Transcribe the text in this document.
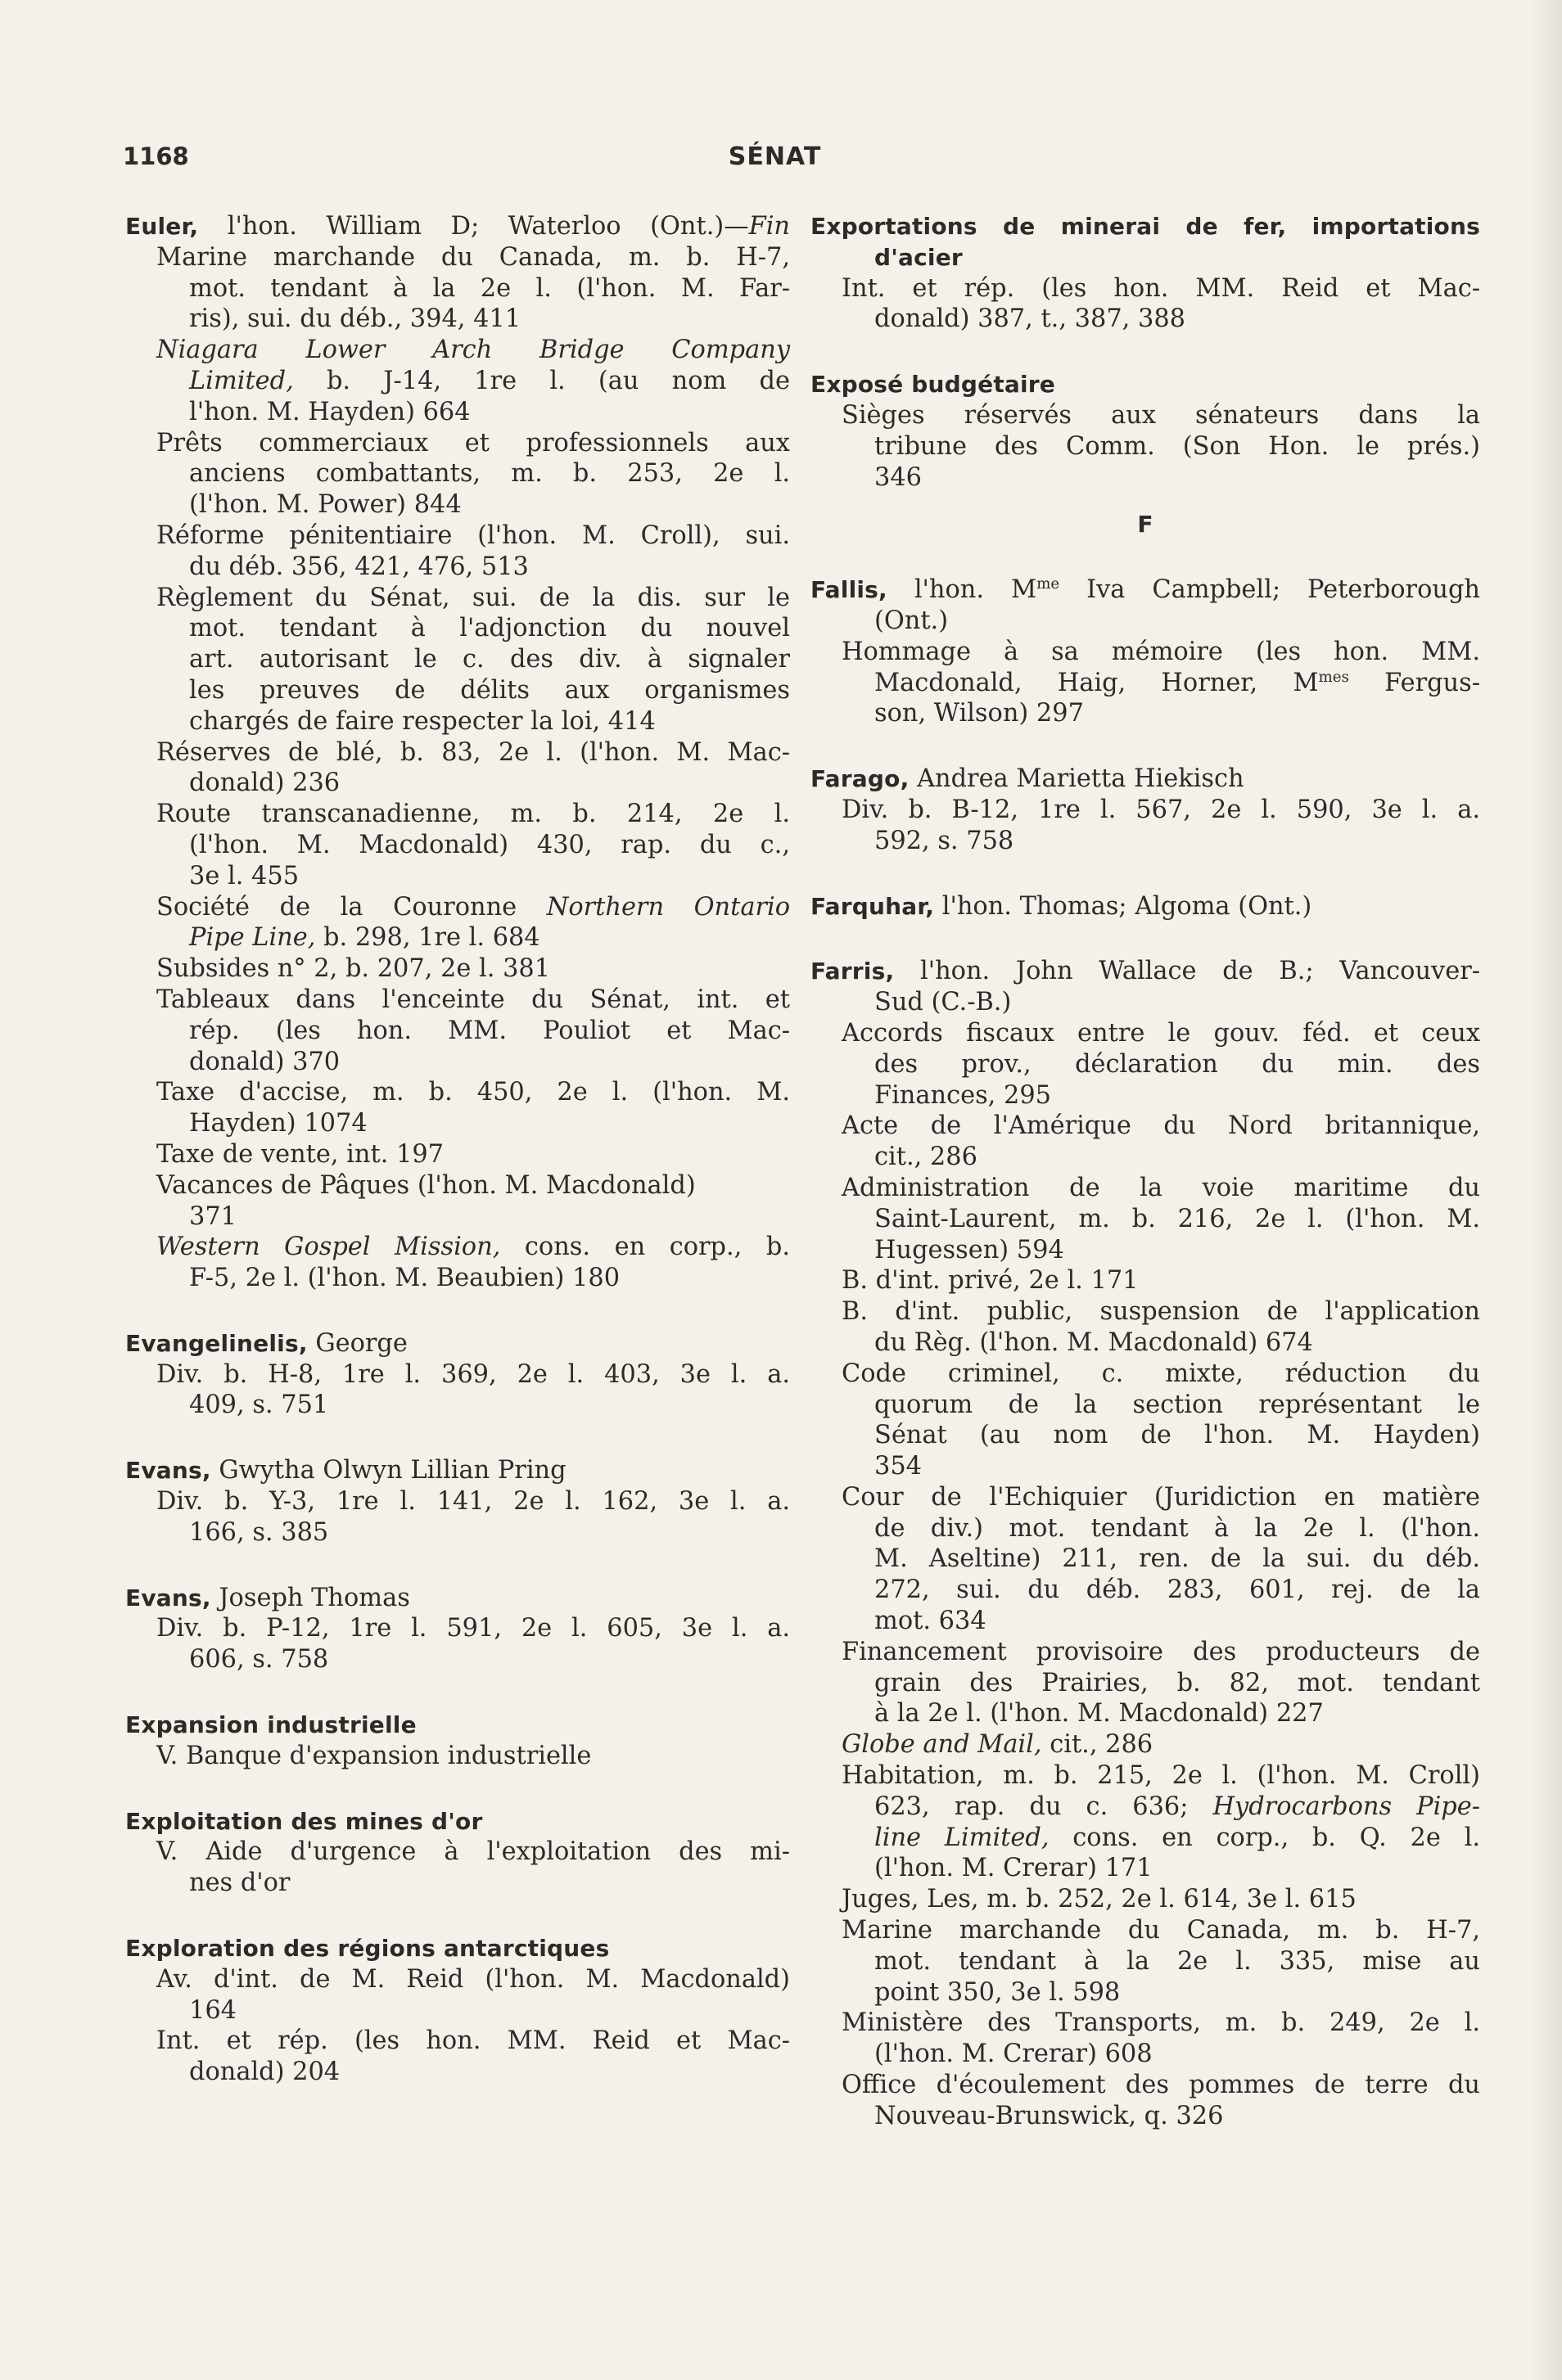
1168	SÉNAT
Euler, l'hon. William D; Waterloo (Ont.)—Fin
Marine marchande du Canada, m. b. H-7,
mot. tendant à la 2e l. (l'hon. M. Far-
ris), sui. du déb., 394, 411
Niagara Lower Arch Bridge Company
Limited, b. J-14, 1re l. (au nom de
l'hon. M. Hayden) 664
Prêts commerciaux et professionnels aux
anciens combattants, m. b. 253, 2e l.
(l'hon. M. Power) 844
Réforme pénitentiaire (l'hon. M. Croll), sui.
du déb. 356, 421, 476, 513
Règlement du Sénat, sui. de la dis. sur le
mot. tendant à l'adjonction du nouvel
art. autorisant le c. des div. à signaler
les preuves de délits aux organismes
chargés de faire respecter la loi, 414
Réserves de blé, b. 83, 2e l. (l'hon. M. Mac-
donald) 236
Route transcanadienne, m. b. 214, 2e l.
(l'hon. M. Macdonald) 430, rap. du c.,
3e l. 455
Société de la Couronne Northern Ontario
Pipe Line, b. 298, 1re l. 684
Subsides n° 2, b. 207, 2e l. 381
Tableaux dans l'enceinte du Sénat, int. et
rép. (les hon. MM. Pouliot et Mac-
donald) 370
Taxe d'accise, m. b. 450, 2e l. (l'hon. M.
Hayden) 1074
Taxe de vente, int. 197
Vacances de Pâques (l'hon. M. Macdonald)
371
Western Gospel Mission, cons. en corp., b.
F-5, 2e l. (l'hon. M. Beaubien) 180
Evangelinelis, George
Div. b. H-8, 1re l. 369, 2e l. 403, 3e l. a.
409, s. 751
Evans, Gwytha Olwyn Lillian Pring
Div. b. Y-3, 1re l. 141, 2e l. 162, 3e l. a.
166, s. 385
Evans, Joseph Thomas
Div. b. P-12, 1re l. 591, 2e l. 605, 3e l. a.
606, s. 758
Expansion industrielle
V. Banque d'expansion industrielle
Exploitation des mines d'or
V. Aide d'urgence à l'exploitation des mi-
nes d'or
Exploration des régions antarctiques
Av. d'int. de M. Reid (l'hon. M. Macdonald)
164
Int. et rép. (les hon. MM. Reid et Mac-
donald) 204
Exportations de minerai de fer, importations
d'acier
Int. et rép. (les hon. MM. Reid et Mac-
donald) 387, t., 387, 388
Exposé budgétaire
Sièges réservés aux sénateurs dans la
tribune des Comm. (Son Hon. le prés.)
346
F
Fallis, l'hon. $M^{me}$ Iva Campbell; Peterborough
(Ont.)
Hommage à sa mémoire (les hon. MM.
Macdonald, Haig, Horner, $M^{mes}$ Fergus-
son, Wilson) 297
Farago, Andrea Marietta Hiekisch
Div. b. B-12, 1re l. 567, 2e l. 590, 3e l. a.
592, s. 758
Farquhar, l'hon. Thomas; Algoma (Ont.)
Farris, l'hon. John Wallace de B.; Vancouver-
Sud (C.-B.)
Accords fiscaux entre le gouv. féd. et ceux
des prov., déclaration du min. des
Finances, 295
Acte de l'Amérique du Nord britannique,
cit., 286
Administration de la voie maritime du
Saint-Laurent, m. b. 216, 2e l. (l'hon. M.
Hugessen) 594
B. d'int. privé, 2e l. 171
B. d'int. public, suspension de l'application
du Règ. (l'hon. M. Macdonald) 674
Code criminel, c. mixte, réduction du
quorum de la section représentant le
Sénat (au nom de l'hon. M. Hayden)
354
Cour de l'Echiquier (Juridiction en matière
de div.) mot. tendant à la 2e l. (l'hon.
M. Aseltine) 211, ren. de la sui. du déb.
272, sui. du déb. 283, 601, rej. de la
mot. 634
Financement provisoire des producteurs de
grain des Prairies, b. 82, mot. tendant
à la 2e l. (l'hon. M. Macdonald) 227
Globe and Mail, cit., 286
Habitation, m. b. 215, 2e l. (l'hon. M. Croll)
623, rap. du c. 636; Hydrocarbons Pipe-
line Limited, cons. en corp., b. Q. 2e l.
(l'hon. M. Crerar) 171
Juges, Les, m. b. 252, 2e l. 614, 3e l. 615
Marine marchande du Canada, m. b. H-7,
mot. tendant à la 2e l. 335, mise au
point 350, 3e l. 598
Ministère des Transports, m. b. 249, 2e l.
(l'hon. M. Crerar) 608
Office d'écoulement des pommes de terre du
Nouveau-Brunswick, q. 326
